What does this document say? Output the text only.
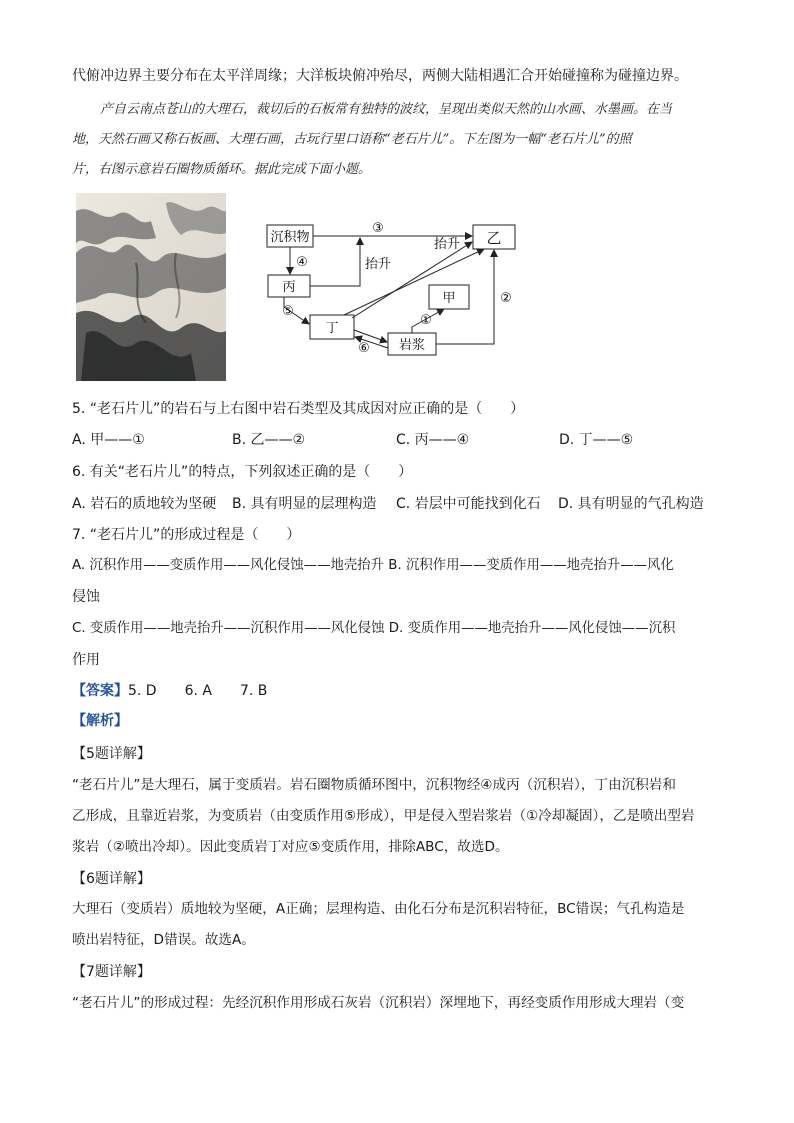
代俯冲边界主要分布在太平洋周缘；大洋板块俯冲殆尽，两侧大陆相遇汇合开始碰撞称为碰撞边界。
产自云南点苍山的大理石，裁切后的石板常有独特的波纹，呈现出类似天然的山水画、水墨画。在当
地，天然石画又称石板画、大理石画，古玩行里口语称“老石片儿”。下左图为一幅“老石片儿”的照
片，右图示意岩石圈物质循环。据此完成下面小题。
沉积物	乙
丙
甲
丁
岩浆
③
④	抬升
抬升
⑤
⑥
①
②
5. “老石片儿”的岩石与上右图中岩石类型及其成因对应正确的是（　　）
A. 甲——①	B. 乙——②	C. 丙——④	D. 丁——⑤
6. 有关“老石片儿”的特点，下列叙述正确的是（　　）
A. 岩石的质地较为坚硬 B. 具有明显的层理构造 C. 岩层中可能找到化石 D. 具有明显的气孔构造
7. “老石片儿”的形成过程是（　　）
A. 沉积作用——变质作用——风化侵蚀——地壳抬升 B. 沉积作用——变质作用——地壳抬升——风化
侵蚀
C. 变质作用——地壳抬升——沉积作用——风化侵蚀 D. 变质作用——地壳抬升——风化侵蚀——沉积
作用
【答案】5. D　　6. A　　7. B
【解析】
【5题详解】
“老石片儿”是大理石，属于变质岩。岩石圈物质循环图中，沉积物经④成丙（沉积岩），丁由沉积岩和
乙形成，且靠近岩浆，为变质岩（由变质作用⑤形成），甲是侵入型岩浆岩（①冷却凝固），乙是喷出型岩
浆岩（②喷出冷却）。因此变质岩丁对应⑤变质作用，排除ABC，故选D。
【6题详解】
大理石（变质岩）质地较为坚硬，A正确；层理构造、由化石分布是沉积岩特征，BC错误；气孔构造是
喷出岩特征，D错误。故选A。
【7题详解】
“老石片儿”的形成过程：先经沉积作用形成石灰岩（沉积岩）深埋地下，再经变质作用形成大理岩（变
